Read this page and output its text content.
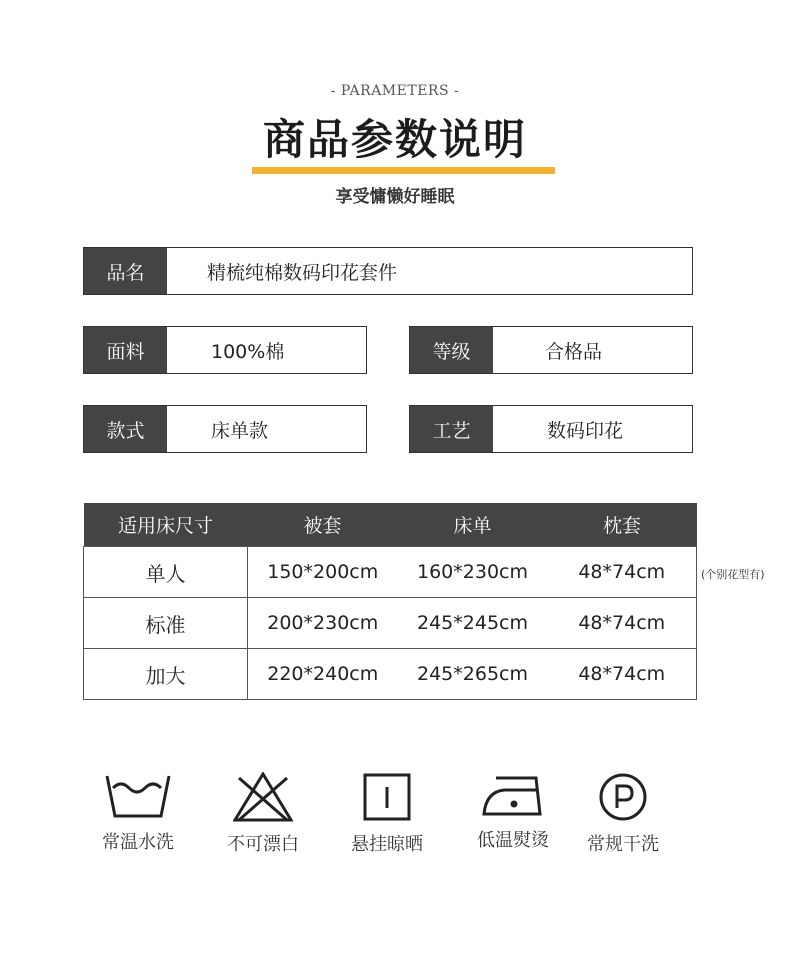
- PARAMETERS -
商品参数说明
享受慵懒好睡眠
品名	精梳纯棉数码印花套件
面料	100%棉	等级	合格品
款式	床单款	工艺	数码印花
适用床尺寸	被套	床单	枕套
单人	150*200cm	160*230cm	48*74cm
标准	200*230cm	245*245cm	48*74cm
加大	220*240cm	245*265cm	48*74cm
(个别花型有)
常温水洗	不可漂白	悬挂晾晒	低温熨烫	常规干洗
